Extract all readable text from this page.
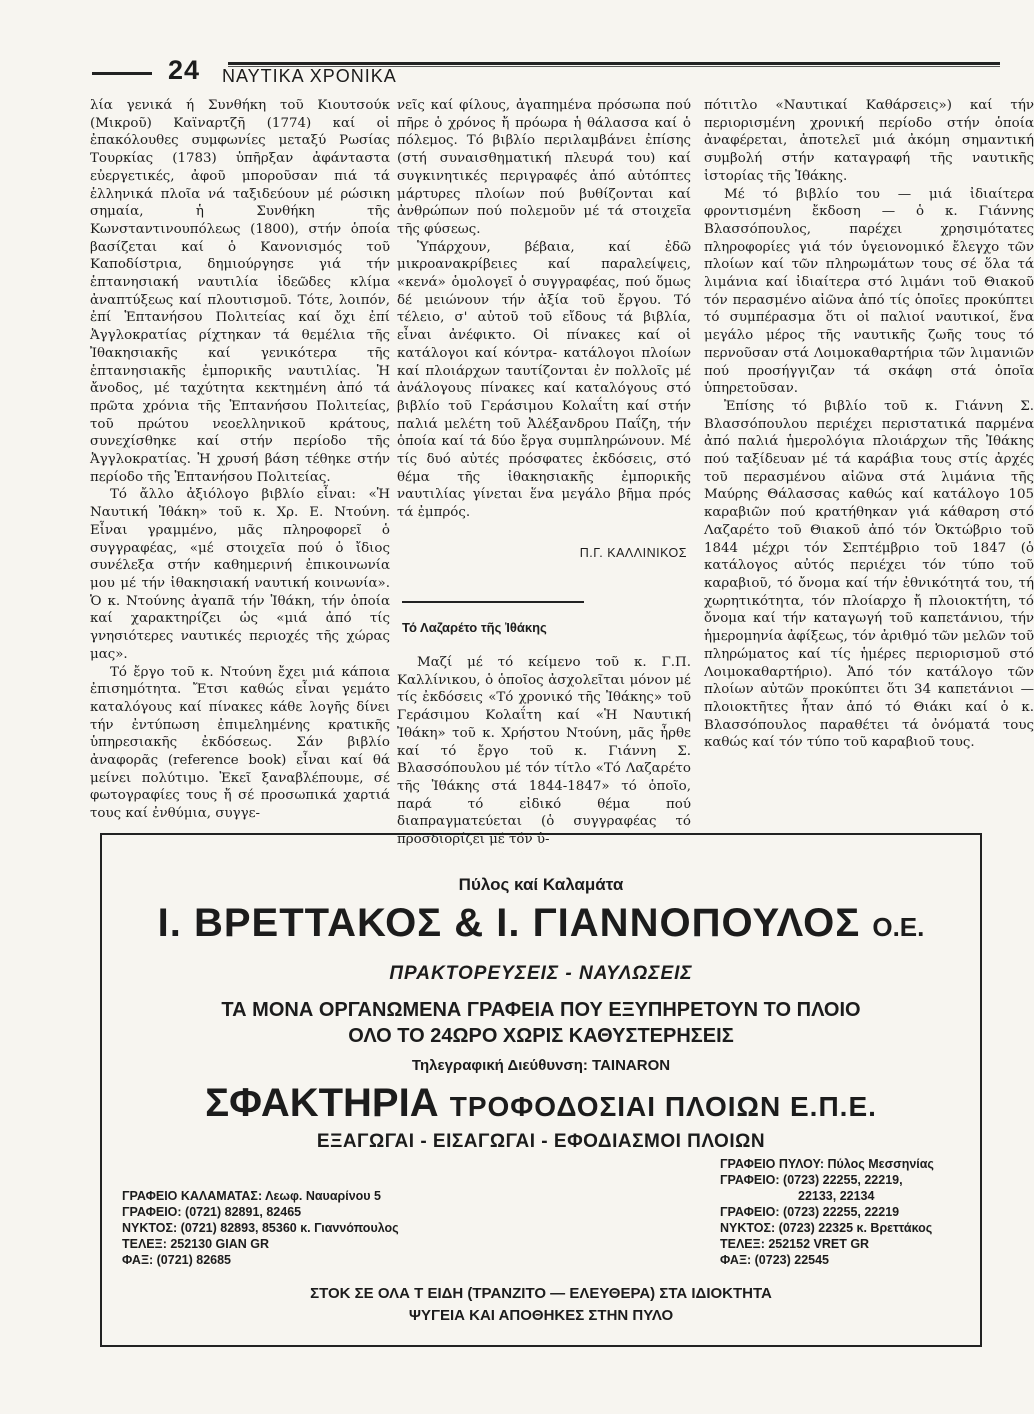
24 ΝΑΥΤΙΚΑ ΧΡΟΝΙΚΑ

λία γενικά ή Συνθήκη τοῦ Κιουτσούκ (Μικροῦ) Καϊναρτζῆ (1774) καί οἱ ἐπακόλουθες συμφωνίες μεταξύ Ρωσίας Τουρκίας (1783) ὑπῆρξαν ἀφάνταστα εὐεργετικές, ἀφοῦ μποροῦσαν πιά τά ἑλληνικά πλοῖα νά ταξιδεύουν μέ ρώσικη σημαία, ἡ Συνθήκη τῆς Κωνσταντινουπόλεως (1800), στήν ὁποία βασίζεται καί ὁ Κανονισμός τοῦ Καποδίστρια, δημιούργησε γιά τήν ἑπτανησιακή ναυτιλία ἰδεῶδες κλίμα ἀναπτύξεως καί πλουτισμοῦ. Τότε, λοιπόν, ἐπί Ἑπτανήσου Πολιτείας καί ὄχι ἐπί Ἀγγλοκρατίας ρίχτηκαν τά θεμέλια τῆς Ἰθακησιακῆς καί γενικότερα τῆς ἑπτανησιακῆς ἐμπορικῆς ναυτιλίας. Ἡ ἄνοδος, μέ ταχύτητα κεκτημένη ἀπό τά πρῶτα χρόνια τῆς Ἑπτανήσου Πολιτείας, τοῦ πρώτου νεοελληνικοῦ κράτους, συνεχίσθηκε καί στήν περίοδο τῆς Ἀγγλοκρατίας. Ἡ χρυσή βάση τέθηκε στήν περίοδο τῆς Ἑπτανήσου Πολιτείας.

Τό ἄλλο ἀξιόλογο βιβλίο εἶναι: «Ἡ Ναυτική Ἰθάκη» τοῦ κ. Χρ. Ε. Ντούνη. Εἶναι γραμμένο, μᾶς πληροφορεῖ ὁ συγγραφέας, «μέ στοιχεῖα πού ὁ ἴδιος συνέλεξα στήν καθημερινή ἐπικοινωνία μου μέ τήν ἰθακησιακή ναυτική κοινωνία». Ὁ κ. Ντούνης ἀγαπᾶ τήν Ἰθάκη, τήν ὁποία καί χαρακτηρίζει ὡς «μιά ἀπό τίς γνησιότερες ναυτικές περιοχές τῆς χώρας μας».

Τό ἔργο τοῦ κ. Ντούνη ἔχει μιά κάποια ἐπισημότητα. Ἔτσι καθώς εἶναι γεμάτο καταλόγους καί πίνακες κάθε λογῆς δίνει τήν ἐντύπωση ἐπιμελημένης κρατικῆς ὑπηρεσιακῆς ἐκδόσεως. Σάν βιβλίο ἀναφορᾶς (reference book) εἶναι καί θά μείνει πολύτιμο. Ἐκεῖ ξαναβλέπουμε, σέ φωτογραφίες τους ἤ σέ προσωπικά χαρτιά τους καί ἐνθύμια, συγγε-

νεῖς καί φίλους, ἀγαπημένα πρόσωπα πού πῆρε ὁ χρόνος ἤ πρόωρα ἡ θάλασσα καί ὁ πόλεμος. Τό βιβλίο περιλαμβάνει ἐπίσης (στή συναισθηματική πλευρά του) καί συγκινητικές περιγραφές ἀπό αὐτόπτες μάρτυρες πλοίων πού βυθίζονται καί ἀνθρώπων πού πολεμοῦν μέ τά στοιχεῖα τῆς φύσεως.

Ὑπάρχουν, βέβαια, καί ἐδῶ μικροανακρίβειες καί παραλείψεις, «κενά» ὁμολογεῖ ὁ συγγραφέας, πού ὅμως δέ μειώνουν τήν ἀξία τοῦ ἔργου. Τό τέλειο, σ' αὐτοῦ τοῦ εἴδους τά βιβλία, εἶναι ἀνέφικτο. Οἱ πίνακες καί οἱ κατάλογοι καί κόντρα- κατάλογοι πλοίων καί πλοιάρχων ταυτίζονται ἐν πολλοῖς μέ ἀνάλογους πίνακες καί καταλόγους στό βιβλίο τοῦ Γεράσιμου Κολαΐτη καί στήν παλιά μελέτη τοῦ Ἀλέξανδρου Παΐζη, τήν ὁποία καί τά δύο ἔργα συμπληρώνουν. Μέ τίς δυό αὐτές πρόσφατες ἐκδόσεις, στό θέμα τῆς ἰθακησιακῆς ἐμπορικῆς ναυτιλίας γίνεται ἕνα μεγάλο βῆμα πρός τά ἐμπρός.

Π.Γ. ΚΑΛΛΙΝΙΚΟΣ
Τό Λαζαρέτο τῆς Ἰθάκης

Μαζί μέ τό κείμενο τοῦ κ. Γ.Π. Καλλίνικου, ὁ ὁποῖος ἀσχολεῖται μόνον μέ τίς ἐκδόσεις «Τό χρονικό τῆς Ἰθάκης» τοῦ Γεράσιμου Κολαΐτη καί «Ἡ Ναυτική Ἰθάκη» τοῦ κ. Χρήστου Ντούνη, μᾶς ἦρθε καί τό ἔργο τοῦ κ. Γιάννη Σ. Βλασσόπουλου μέ τόν τίτλο «Τό Λαζαρέτο τῆς Ἰθάκης στά 1844-1847» τό ὁποῖο, παρά τό εἰδικό θέμα πού διαπραγματεύεται (ὁ συγγραφέας τό προσδιορίζει μέ τόν ὑ-

πότιτλο «Ναυτικαί Καθάρσεις») καί τήν περιορισμένη χρονική περίοδο στήν ὁποία ἀναφέρεται, ἀποτελεῖ μιά ἀκόμη σημαντική συμβολή στήν καταγραφή τῆς ναυτικῆς ἱστορίας τῆς Ἰθάκης.

Μέ τό βιβλίο του — μιά ἰδιαίτερα φροντισμένη ἔκδοση — ὁ κ. Γιάννης Βλασσόπουλος, παρέχει χρησιμότατες πληροφορίες γιά τόν ὑγειονομικό ἔλεγχο τῶν πλοίων καί τῶν πληρωμάτων τους σέ ὅλα τά λιμάνια καί ἰδιαίτερα στό λιμάνι τοῦ Θιακοῦ τόν περασμένο αἰῶνα ἀπό τίς ὁποῖες προκύπτει τό συμπέρασμα ὅτι οἱ παλιοί ναυτικοί, ἕνα μεγάλο μέρος τῆς ναυτικῆς ζωῆς τους τό περνοῦσαν στά Λοιμοκαθαρτήρια τῶν λιμανιῶν πού προσήγγιζαν τά σκάφη στά ὁποῖα ὑπηρετοῦσαν.

Ἐπίσης τό βιβλίο τοῦ κ. Γιάννη Σ. Βλασσόπουλου περιέχει περιστατικά παρμένα ἀπό παλιά ἡμερολόγια πλοιάρχων τῆς Ἰθάκης πού ταξίδευαν μέ τά καράβια τους στίς ἀρχές τοῦ περασμένου αἰῶνα στά λιμάνια τῆς Μαύρης Θάλασσας καθώς καί κατάλογο 105 καραβιῶν πού κρατήθηκαν γιά κάθαρση στό Λαζαρέτο τοῦ Θιακοῦ ἀπό τόν Ὀκτώβριο τοῦ 1844 μέχρι τόν Σεπτέμβριο τοῦ 1847 (ὁ κατάλογος αὐτός περιέχει τόν τύπο τοῦ καραβιοῦ, τό ὄνομα καί τήν ἐθνικότητά του, τή χωρητικότητα, τόν πλοίαρχο ἤ πλοιοκτήτη, τό ὄνομα καί τήν καταγωγή τοῦ καπετάνιου, τήν ἡμερομηνία ἀφίξεως, τόν ἀριθμό τῶν μελῶν τοῦ πληρώματος καί τίς ἡμέρες περιορισμοῦ στό Λοιμοκαθαρτήριο). Ἀπό τόν κατάλογο τῶν πλοίων αὐτῶν προκύπτει ὅτι 34 καπετάνιοι — πλοιοκτῆτες ἦταν ἀπό τό Θιάκι καί ὁ κ. Βλασσόπουλος παραθέτει τά ὀνόματά τους καθώς καί τόν τύπο τοῦ καραβιοῦ τους.

Πύλος καί Καλαμάτα
Ι. ΒΡΕΤΤΑΚΟΣ & Ι. ΓΙΑΝΝΟΠΟΥΛΟΣ Ο.Ε.
ΠΡΑΚΤΟΡΕΥΣΕΙΣ - ΝΑΥΛΩΣΕΙΣ
ΤΑ ΜΟΝΑ ΟΡΓΑΝΩΜΕΝΑ ΓΡΑΦΕΙΑ ΠΟΥ ΕΞΥΠΗΡΕΤΟΥΝ ΤΟ ΠΛΟΙΟ
ΟΛΟ ΤΟ 24ΩΡΟ ΧΩΡΙΣ ΚΑΘΥΣΤΕΡΗΣΕΙΣ
Τηλεγραφική Διεύθυνση: TAINARON
ΣΦΑΚΤΗΡΙΑ ΤΡΟΦΟΔΟΣΙΑΙ ΠΛΟΙΩΝ Ε.Π.Ε.
ΕΞΑΓΩΓΑΙ - ΕΙΣΑΓΩΓΑΙ - ΕΦΟΔΙΑΣΜΟΙ ΠΛΟΙΩΝ
ΓΡΑΦΕΙΟ ΚΑΛΑΜΑΤΑΣ: Λεωφ. Ναυαρίνου 5
ΓΡΑΦΕΙΟ: (0721) 82891, 82465
ΝΥΚΤΟΣ: (0721) 82893, 85360 κ. Γιαννόπουλος
ΤΕΛΕΞ: 252130 GIAN GR
ΦΑΞ: (0721) 82685
ΓΡΑΦΕΙΟ ΠΥΛΟΥ: Πύλος Μεσσηνίας
ΓΡΑΦΕΙΟ: (0723) 22255, 22219,
22133, 22134
ΓΡΑΦΕΙΟ: (0723) 22255, 22219
ΝΥΚΤΟΣ: (0723) 22325 κ. Βρεττάκος
ΤΕΛΕΞ: 252152 VRET GR
ΦΑΞ: (0723) 22545
ΣΤΟΚ ΣΕ ΟΛΑ Τ ΕΙΔΗ (ΤΡΑΝΖΙΤΟ — ΕΛΕΥΘΕΡΑ) ΣΤΑ ΙΔΙΟΚΤΗΤΑ
ΨΥΓΕΙΑ ΚΑΙ ΑΠΟΘΗΚΕΣ ΣΤΗΝ ΠΥΛΟ
